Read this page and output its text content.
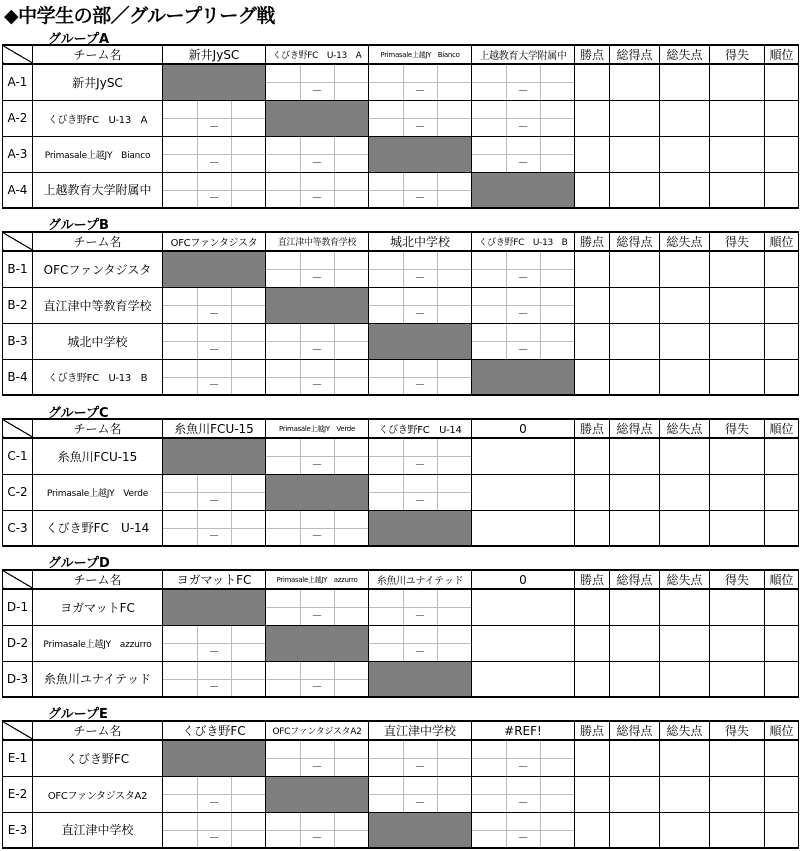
◆中学生の部／グループリーグ戦
グループA
	チーム名	新井JySC	くびき野FC　U-13　A	Primasale上越JY　Bianco	上越教育大学附属中	勝点	総得点	総失点	得失	順位
A-1	新井JySC		－	－	－					

A-2	くびき野FC　U-13　A	－		－	－					

A-3	Primasale上越JY　Bianco	－	－		－					

A-4	上越教育大学附属中	－	－	－						

グループB
	チーム名	OFCファンタジスタ	直江津中等教育学校	城北中学校	くびき野FC　U-13　B	勝点	総得点	総失点	得失	順位
B-1	OFCファンタジスタ		－	－	－					

B-2	直江津中等教育学校	－		－	－					

B-3	城北中学校	－	－		－					

B-4	くびき野FC　U-13　B	－	－	－						

グループC
	チーム名	糸魚川FCU-15	Primasale上越JY　Verde	くびき野FC　U-14	0	勝点	総得点	総失点	得失	順位
C-1	糸魚川FCU-15		－	－						

C-2	Primasale上越JY　Verde	－		－						

C-3	くびき野FC　U-14	－	－							

グループD
	チーム名	ヨガマットFC	Primasale上越JY　azzurro	糸魚川ユナイテッド	0	勝点	総得点	総失点	得失	順位
D-1	ヨガマットFC		－	－						

D-2	Primasale上越JY　azzurro	－		－						

D-3	糸魚川ユナイテッド	－	－							

グループE
	チーム名	くびき野FC	OFCファンタジスタA2	直江津中学校	#REF!	勝点	総得点	総失点	得失	順位
E-1	くびき野FC		－	－	－					

E-2	OFCファンタジスタA2	－		－	－					

E-3	直江津中学校	－	－		－					
